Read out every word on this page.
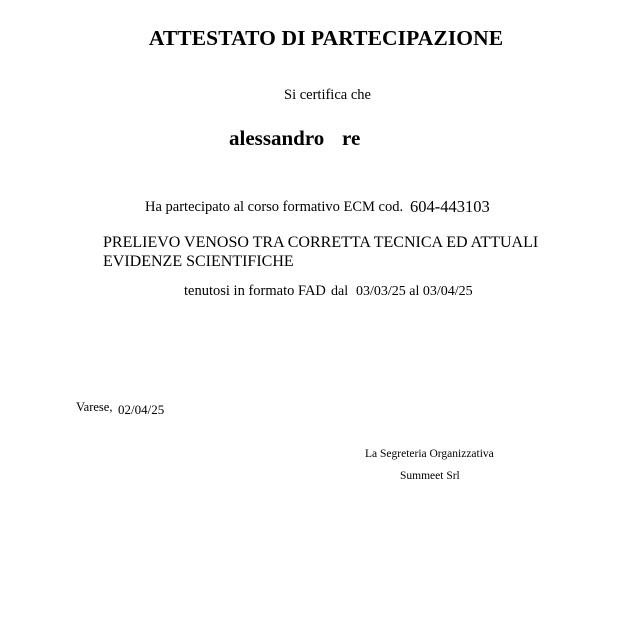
ATTESTATO DI PARTECIPAZIONE
Si certifica che
alessandro re
Ha partecipato al corso formativo ECM cod. 604-443103
PRELIEVO VENOSO TRA CORRETTA TECNICA ED ATTUALI
EVIDENZE SCIENTIFICHE
tenutosi in formato FAD dal 03/03/25 al 03/04/25
Varese, 02/04/25
La Segreteria Organizzativa
Summeet Srl
